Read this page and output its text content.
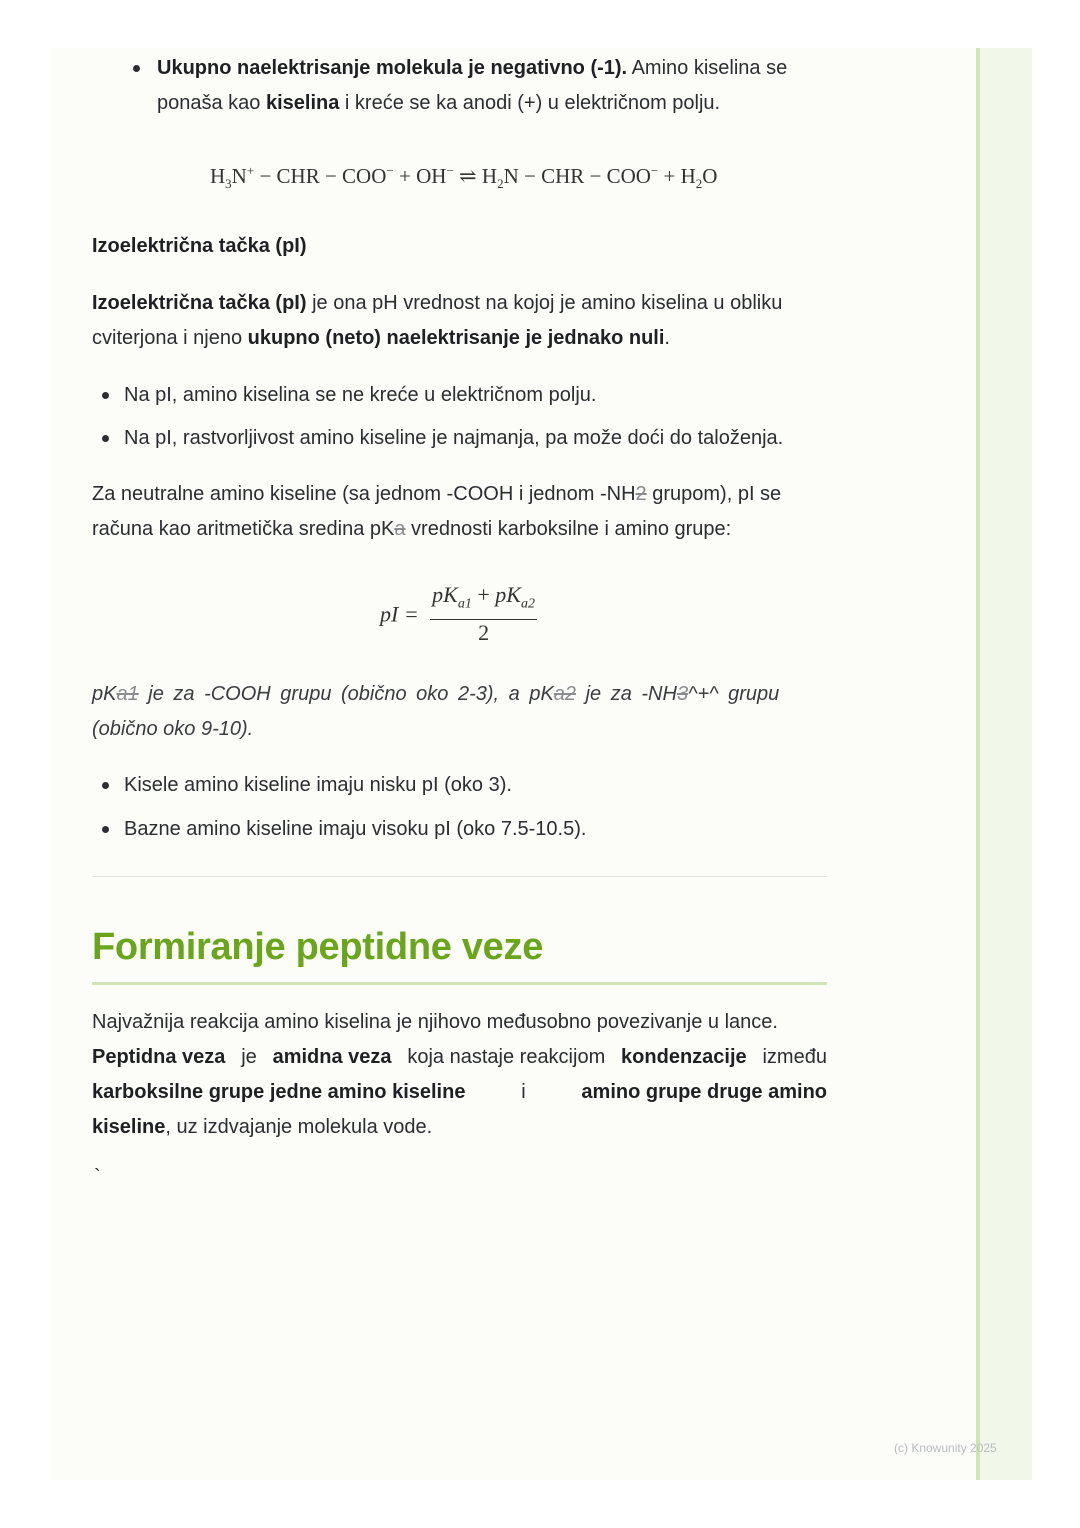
Ukupno naelektrisanje molekula je negativno (-1). Amino kiselina se
ponaša kao kiselina i kreće se ka anodi (+) u električnom polju.
$H_3N^+$ − CHR − COO− + OH− ⇌ $H_2N$ − CHR − $COO^- + H_2O$
Izoelektrična tačka (pI)
Izoelektrična tačka (pI) je ona pH vrednost na kojoj je amino kiselina u obliku
cviterjona i njeno ukupno (neto) naelektrisanje je jednako nuli.
Na pI, amino kiselina se ne kreće u električnom polju.
Na pI, rastvorljivost amino kiseline je najmanja, pa može doći do taloženja.
Za neutralne amino kiseline (sa jednom -COOH i jednom -NH2 grupom), pI se
računa kao aritmetička sredina pKa vrednosti karboksilne i amino grupe:
pI = $\frac{pK_{a1} + pK_{a2}}{2}$
pKa1 je za -COOH grupu (obično oko 2-3), a pKa2 je za -NH3^+^ grupu
(obično oko 9-10).
Kisele amino kiseline imaju nisku pI (oko 3).
Bazne amino kiseline imaju visoku pI (oko 7.5-10.5).
Formiranje peptidne veze
Najvažnija reakcija amino kiselina je njihovo međusobno povezivanje u lance.
Peptidna veza je amidna veza koja nastaje reakcijom kondenzacije između
karboksilne grupe jedne amino kiseline	i	amino grupe druge amino
kiseline, uz izdvajanje molekula vode.
`
(c) Knowunity 2025
